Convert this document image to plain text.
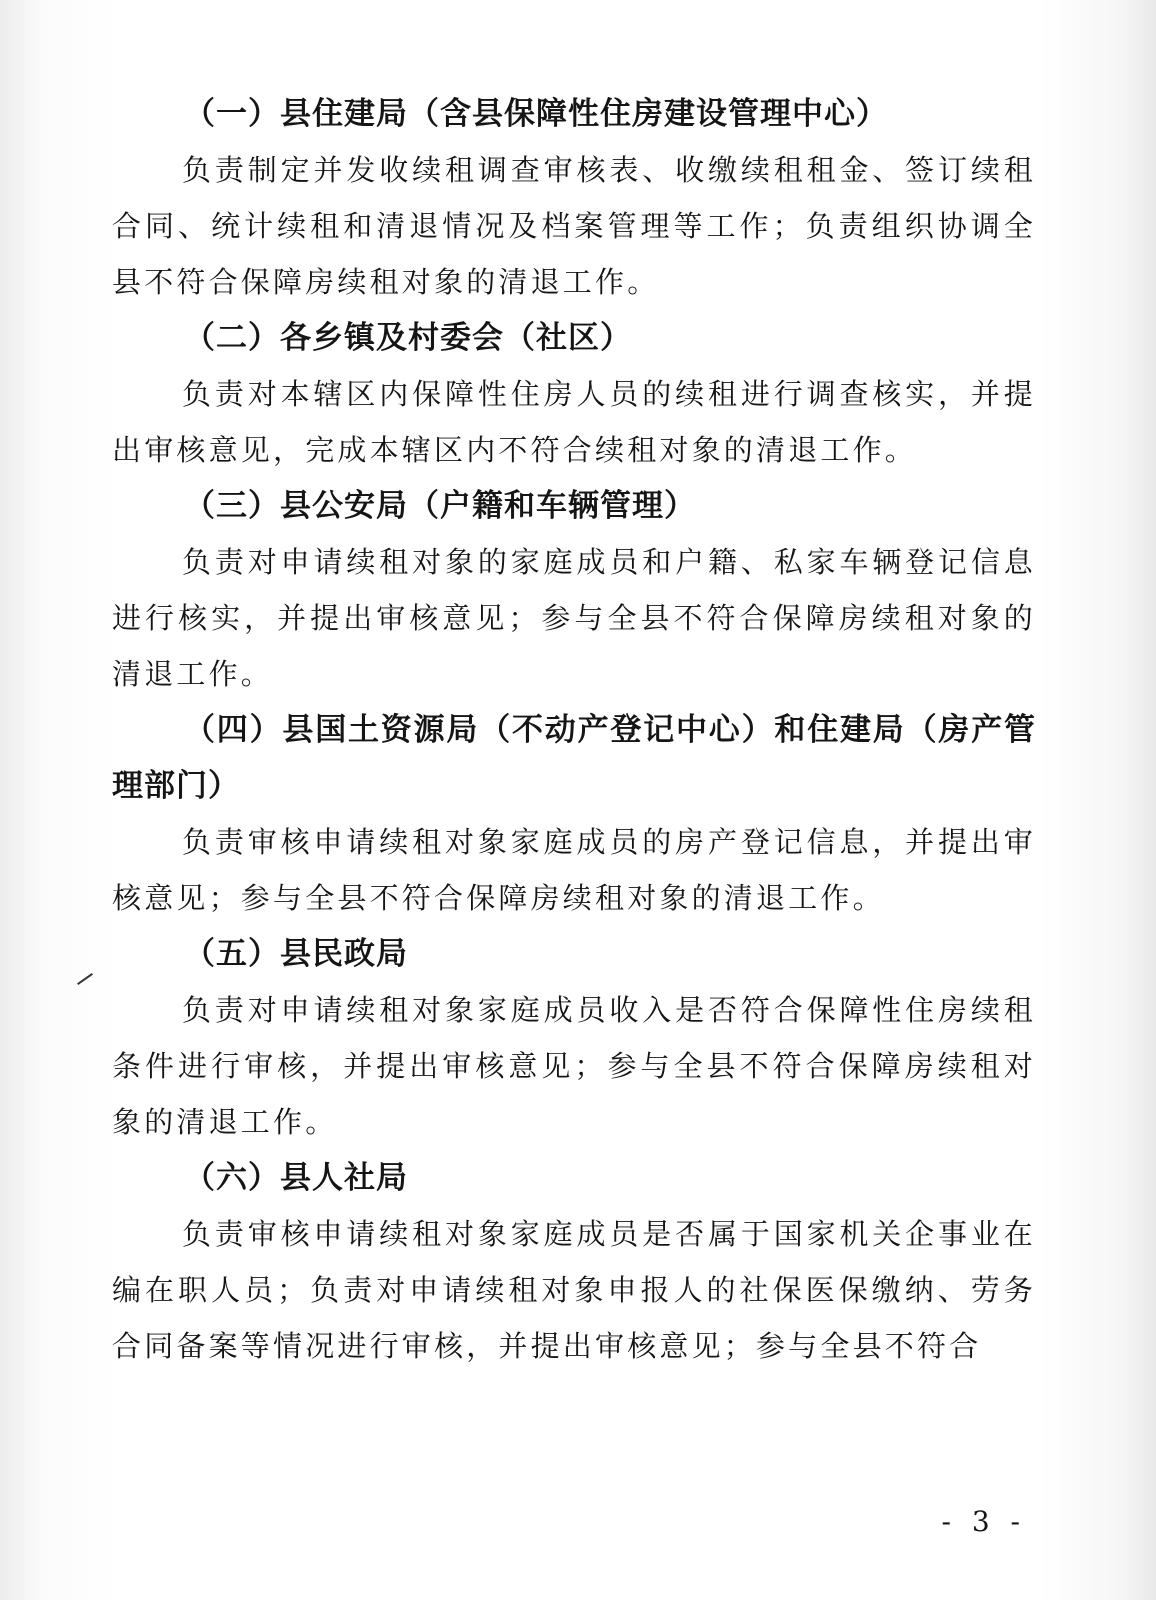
（一）县住建局（含县保障性住房建设管理中心）

负责制定并发收续租调查审核表、收缴续租租金、签订续租合同、统计续租和清退情况及档案管理等工作；负责组织协调全县不符合保障房续租对象的清退工作。

（二）各乡镇及村委会（社区）

负责对本辖区内保障性住房人员的续租进行调查核实，并提出审核意见，完成本辖区内不符合续租对象的清退工作。

（三）县公安局（户籍和车辆管理）

负责对申请续租对象的家庭成员和户籍、私家车辆登记信息进行核实，并提出审核意见；参与全县不符合保障房续租对象的清退工作。

（四）县国土资源局（不动产登记中心）和住建局（房产管理部门）

负责审核申请续租对象家庭成员的房产登记信息，并提出审核意见；参与全县不符合保障房续租对象的清退工作。

（五）县民政局

负责对申请续租对象家庭成员收入是否符合保障性住房续租条件进行审核，并提出审核意见；参与全县不符合保障房续租对象的清退工作。

（六）县人社局

负责审核申请续租对象家庭成员是否属于国家机关企事业在编在职人员；负责对申请续租对象申报人的社保医保缴纳、劳务合同备案等情况进行审核，并提出审核意见；参与全县不符合

- 3 -
